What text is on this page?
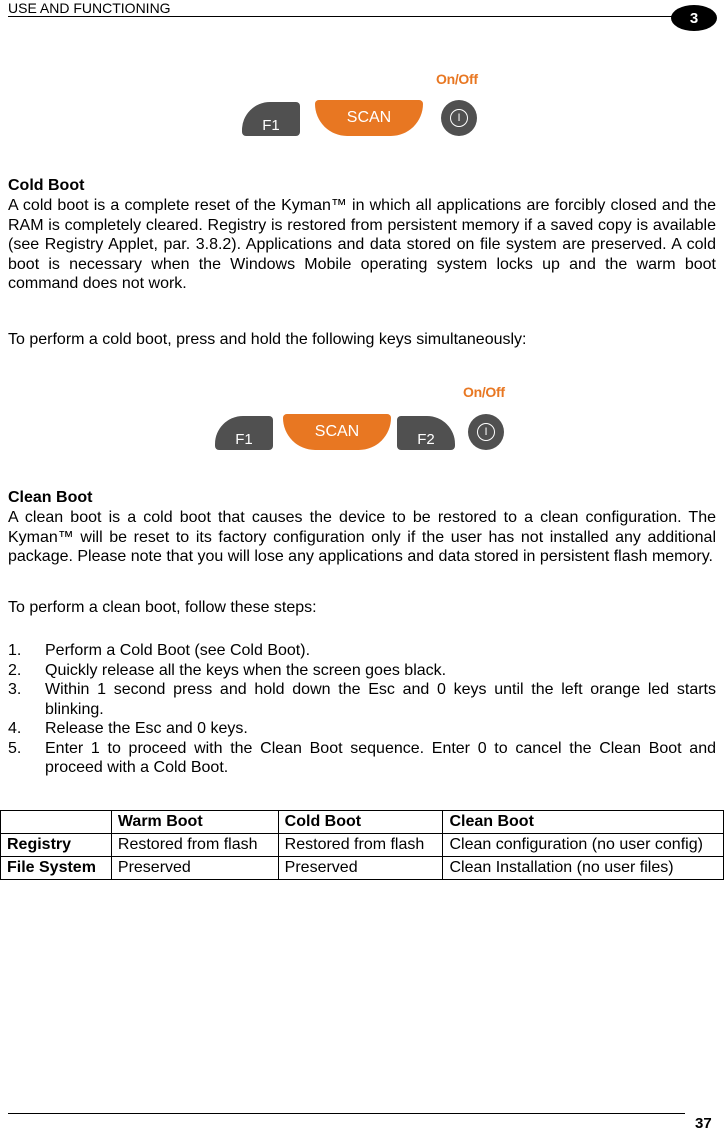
USE AND FUNCTIONING
3
On/Off
F1	SCAN	I
Cold Boot
A cold boot is a complete reset of the Kyman™ in which all applications are forcibly closed and the RAM is completely cleared. Registry is restored from persistent memory if a saved copy is available (see Registry Applet, par. 3.8.2). Applications and data stored on file system are preserved. A cold boot is necessary when the Windows Mobile operating system locks up and the warm boot command does not work.
To perform a cold boot, press and hold the following keys simultaneously:
On/Off
F1	SCAN	F2	I
Clean Boot
A clean boot is a cold boot that causes the device to be restored to a clean configuration. The Kyman™ will be reset to its factory configuration only if the user has not installed any additional package. Please note that you will lose any applications and data stored in persistent flash memory.
To perform a clean boot, follow these steps:
1.	Perform a Cold Boot (see Cold Boot).
2.	Quickly release all the keys when the screen goes black.
3.	Within 1 second press and hold down the Esc and 0 keys until the left orange led starts blinking.
4.	Release the Esc and 0 keys.
5.	Enter 1 to proceed with the Clean Boot sequence. Enter 0 to cancel the Clean Boot and proceed with a Cold Boot.
	Warm Boot	Cold Boot	Clean Boot
Registry	Restored from flash	Restored from flash	Clean configuration (no user config)
File System	Preserved	Preserved	Clean Installation (no user files)
37
